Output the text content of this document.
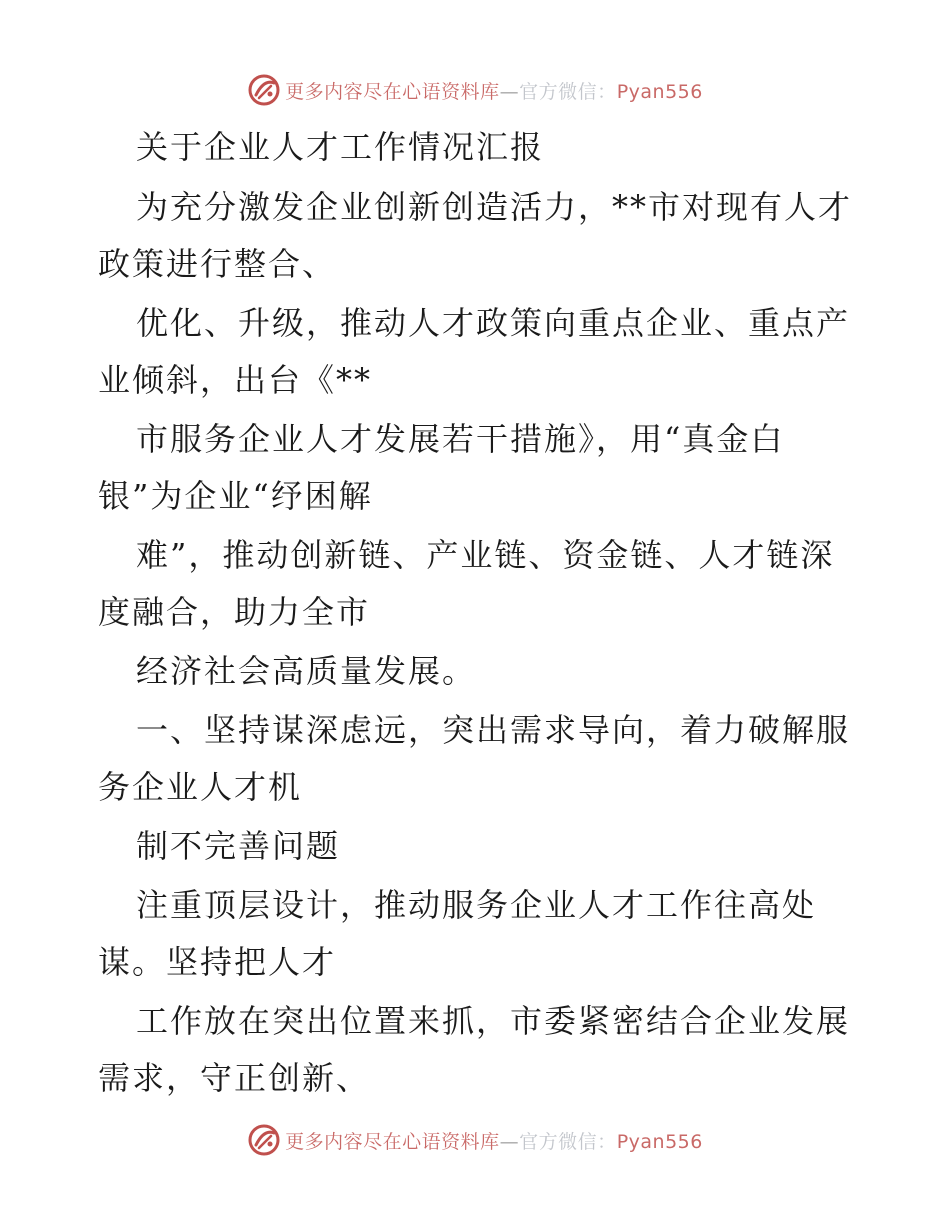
更多内容尽在心语资料库—官方微信：Pyan556
关于企业人才工作情况汇报
为充分激发企业创新创造活力，**市对现有人才
政策进行整合、
优化、升级，推动人才政策向重点企业、重点产
业倾斜，出台《**
市服务企业人才发展若干措施》，用“真金白
银”为企业“纾困解
难”，推动创新链、产业链、资金链、人才链深
度融合，助力全市
经济社会高质量发展。
一、坚持谋深虑远，突出需求导向，着力破解服
务企业人才机
制不完善问题
注重顶层设计，推动服务企业人才工作往高处
谋。坚持把人才
工作放在突出位置来抓，市委紧密结合企业发展
需求，守正创新、
更多内容尽在心语资料库—官方微信：Pyan556
